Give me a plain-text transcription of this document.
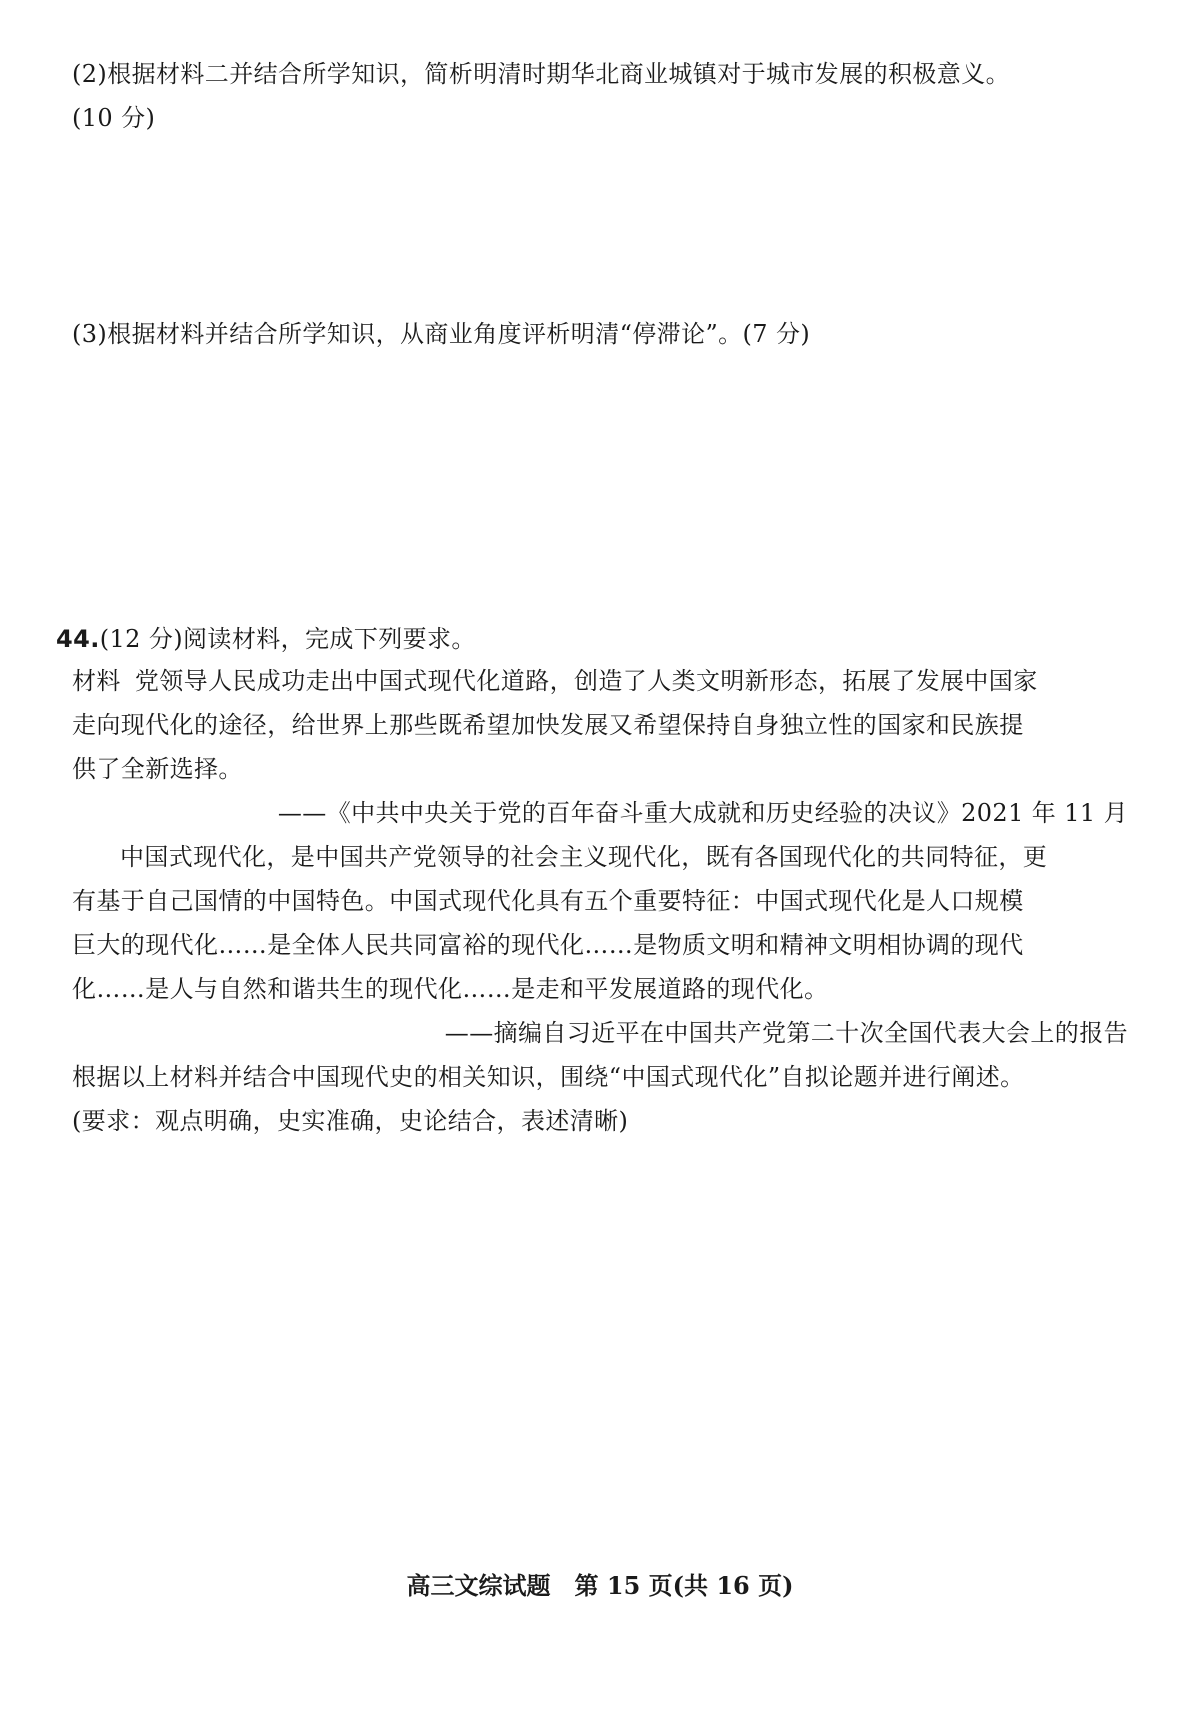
(2)根据材料二并结合所学知识，简析明清时期华北商业城镇对于城市发展的积极意义。
(10 分)
(3)根据材料并结合所学知识，从商业角度评析明清“停滞论”。(7 分)
44.(12 分)阅读材料，完成下列要求。
材料 党领导人民成功走出中国式现代化道路，创造了人类文明新形态，拓展了发展中国家
走向现代化的途径，给世界上那些既希望加快发展又希望保持自身独立性的国家和民族提
供了全新选择。
——《中共中央关于党的百年奋斗重大成就和历史经验的决议》2021 年 11 月
中国式现代化，是中国共产党领导的社会主义现代化，既有各国现代化的共同特征，更
有基于自己国情的中国特色。中国式现代化具有五个重要特征：中国式现代化是人口规模
巨大的现代化……是全体人民共同富裕的现代化……是物质文明和精神文明相协调的现代
化……是人与自然和谐共生的现代化……是走和平发展道路的现代化。
——摘编自习近平在中国共产党第二十次全国代表大会上的报告
根据以上材料并结合中国现代史的相关知识，围绕“中国式现代化”自拟论题并进行阐述。
(要求：观点明确，史实准确，史论结合，表述清晰)
高三文综试题　第 15 页(共 16 页)
